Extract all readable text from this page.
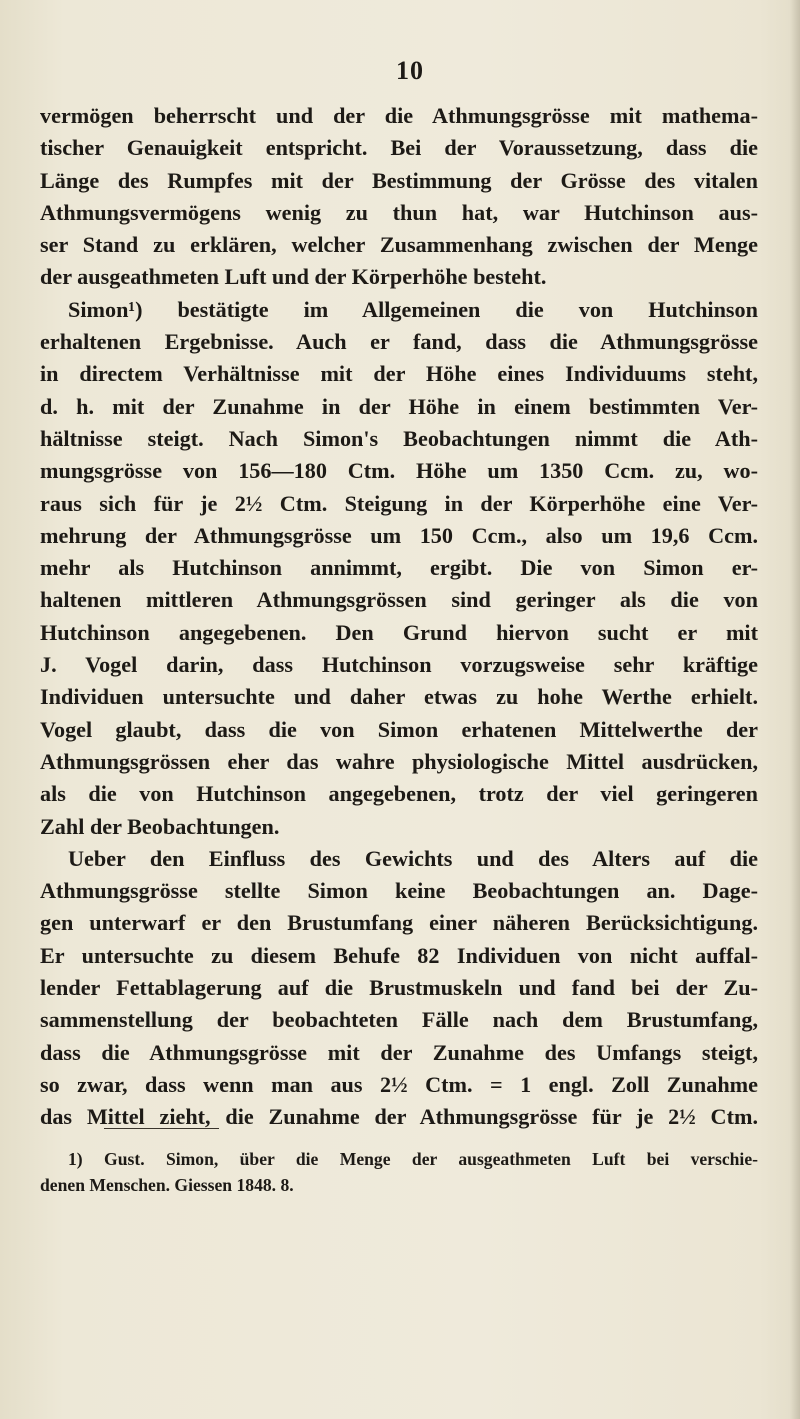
10
vermögen beherrscht und der die Athmungsgrösse mit mathema-
tischer Genauigkeit entspricht. Bei der Voraussetzung, dass die
Länge des Rumpfes mit der Bestimmung der Grösse des vitalen
Athmungsvermögens wenig zu thun hat, war Hutchinson aus-
ser Stand zu erklären, welcher Zusammenhang zwischen der Menge
der ausgeathmeten Luft und der Körperhöhe besteht.
Simon¹) bestätigte im Allgemeinen die von Hutchinson
erhaltenen Ergebnisse. Auch er fand, dass die Athmungsgrösse
in directem Verhältnisse mit der Höhe eines Individuums steht,
d. h. mit der Zunahme in der Höhe in einem bestimmten Ver-
hältnisse steigt. Nach Simon's Beobachtungen nimmt die Ath-
mungsgrösse von 156—180 Ctm. Höhe um 1350 Ccm. zu, wo-
raus sich für je 2½ Ctm. Steigung in der Körperhöhe eine Ver-
mehrung der Athmungsgrösse um 150 Ccm., also um 19,6 Ccm.
mehr als Hutchinson annimmt, ergibt. Die von Simon er-
haltenen mittleren Athmungsgrössen sind geringer als die von
Hutchinson angegebenen. Den Grund hiervon sucht er mit
J. Vogel darin, dass Hutchinson vorzugsweise sehr kräftige
Individuen untersuchte und daher etwas zu hohe Werthe erhielt.
Vogel glaubt, dass die von Simon erhatenen Mittelwerthe der
Athmungsgrössen eher das wahre physiologische Mittel ausdrücken,
als die von Hutchinson angegebenen, trotz der viel geringeren
Zahl der Beobachtungen.
Ueber den Einfluss des Gewichts und des Alters auf die
Athmungsgrösse stellte Simon keine Beobachtungen an. Dage-
gen unterwarf er den Brustumfang einer näheren Berücksichtigung.
Er untersuchte zu diesem Behufe 82 Individuen von nicht auffal-
lender Fettablagerung auf die Brustmuskeln und fand bei der Zu-
sammenstellung der beobachteten Fälle nach dem Brustumfang,
dass die Athmungsgrösse mit der Zunahme des Umfangs steigt,
so zwar, dass wenn man aus 2½ Ctm. = 1 engl. Zoll Zunahme
das Mittel zieht, die Zunahme der Athmungsgrösse für je 2½ Ctm.
1) Gust. Simon, über die Menge der ausgeathmeten Luft bei verschie-
denen Menschen. Giessen 1848. 8.
